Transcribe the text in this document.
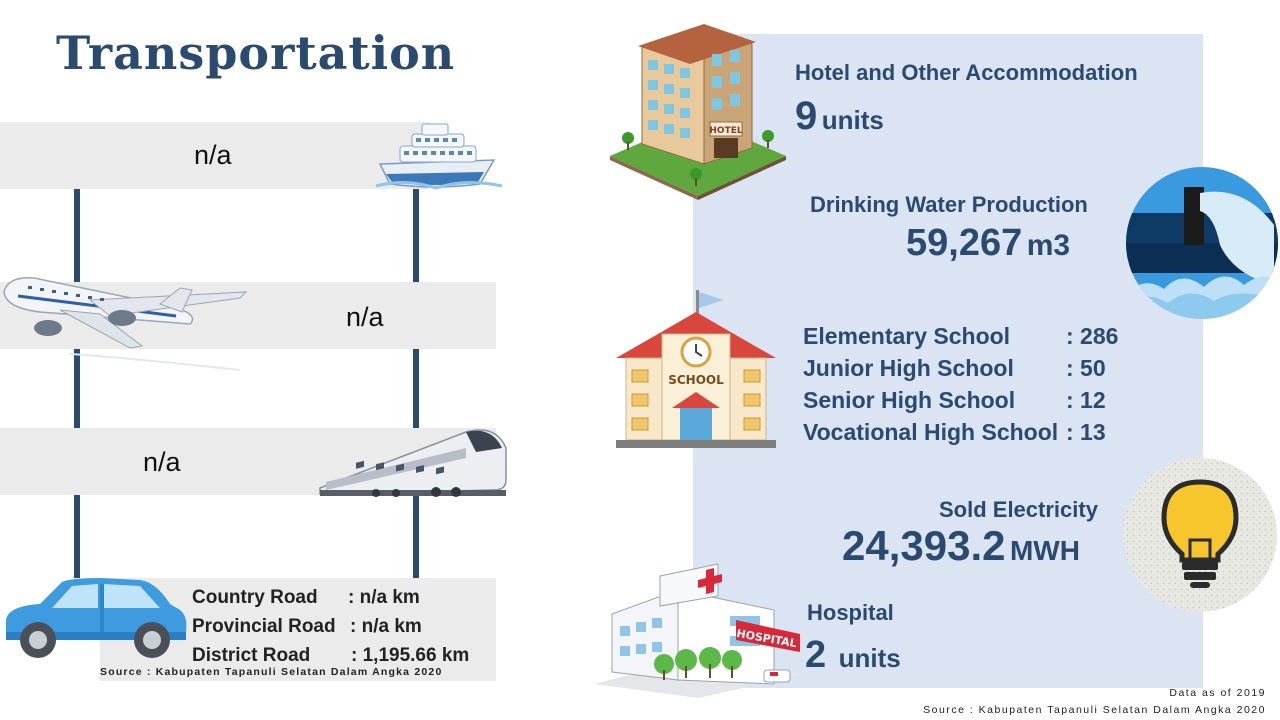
Transportation
n/a
n/a
n/a
Country Road : n/a km
Provincial Road : n/a km
District Road : 1,195.66 km
Source : Kabupaten Tapanuli Selatan Dalam Angka 2020
HOTEL
Hotel and Other Accommodation
9 units
Drinking Water Production
59,267 m3
SCHOOL
Elementary School : 286
Junior High School : 50
Senior High School : 12
Vocational High School : 13
Sold Electricity
24,393.2 MWH
HOSPITAL
Hospital
2 units
Data as of 2019
Source : Kabupaten Tapanuli Selatan Dalam Angka 2020
